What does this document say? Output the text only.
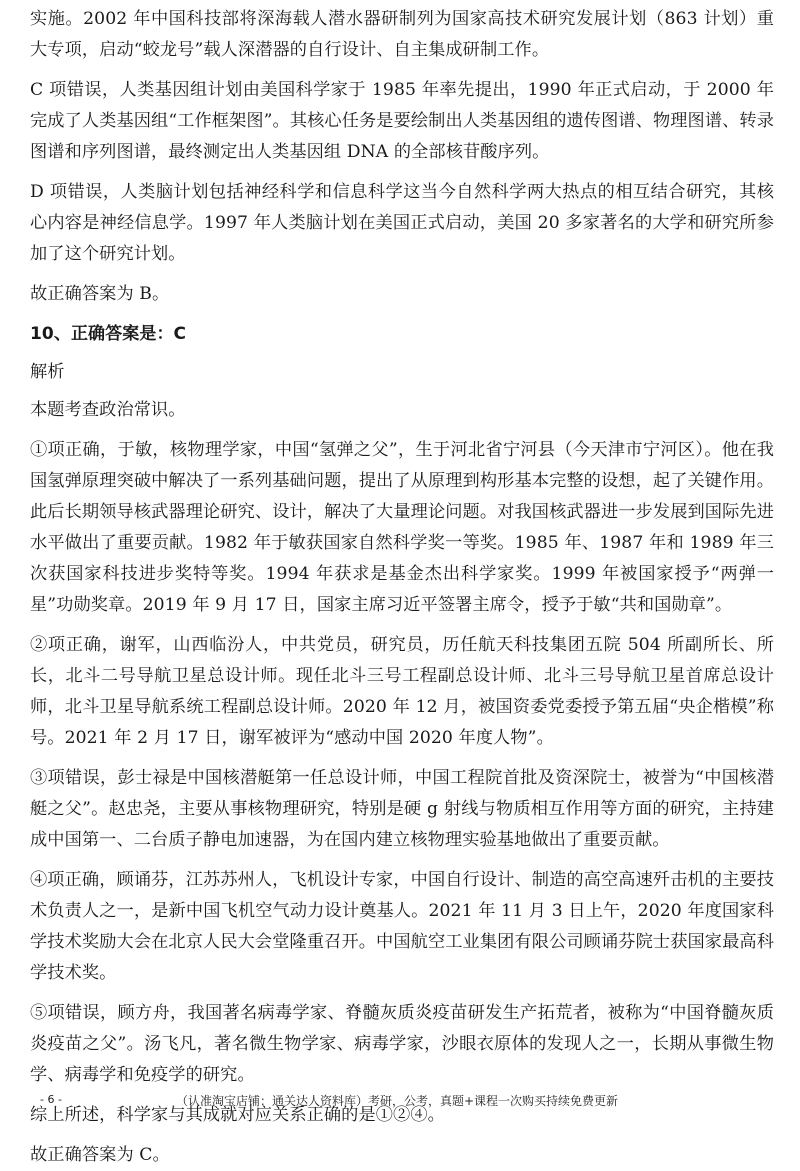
实施。2002 年中国科技部将深海载人潜水器研制列为国家高技术研究发展计划（863 计划）重大专项，启动“蛟龙号”载人深潜器的自行设计、自主集成研制工作。

C 项错误，人类基因组计划由美国科学家于 1985 年率先提出，1990 年正式启动，于 2000 年完成了人类基因组“工作框架图”。其核心任务是要绘制出人类基因组的遗传图谱、物理图谱、转录图谱和序列图谱，最终测定出人类基因组 DNA 的全部核苷酸序列。

D 项错误，人类脑计划包括神经科学和信息科学这当今自然科学两大热点的相互结合研究，其核心内容是神经信息学。1997 年人类脑计划在美国正式启动，美国 20 多家著名的大学和研究所参加了这个研究计划。

故正确答案为 B。

10、正确答案是：C

解析

本题考查政治常识。

①项正确，于敏，核物理学家，中国“氢弹之父”，生于河北省宁河县（今天津市宁河区）。他在我国氢弹原理突破中解决了一系列基础问题，提出了从原理到构形基本完整的设想，起了关键作用。此后长期领导核武器理论研究、设计，解决了大量理论问题。对我国核武器进一步发展到国际先进水平做出了重要贡献。1982 年于敏获国家自然科学奖一等奖。1985 年、1987 年和 1989 年三次获国家科技进步奖特等奖。1994 年获求是基金杰出科学家奖。1999 年被国家授予“两弹一星”功勋奖章。2019 年 9 月 17 日，国家主席习近平签署主席令，授予于敏“共和国勋章”。

②项正确，谢军，山西临汾人，中共党员，研究员，历任航天科技集团五院 504 所副所长、所长，北斗二号导航卫星总设计师。现任北斗三号工程副总设计师、北斗三号导航卫星首席总设计师，北斗卫星导航系统工程副总设计师。2020 年 12 月，被国资委党委授予第五届“央企楷模”称号。2021 年 2 月 17 日，谢军被评为“感动中国 2020 年度人物”。

③项错误，彭士禄是中国核潜艇第一任总设计师，中国工程院首批及资深院士，被誉为“中国核潜艇之父”。赵忠尧，主要从事核物理研究，特别是硬 g 射线与物质相互作用等方面的研究，主持建成中国第一、二台质子静电加速器，为在国内建立核物理实验基地做出了重要贡献。

④项正确，顾诵芬，江苏苏州人，飞机设计专家，中国自行设计、制造的高空高速歼击机的主要技术负责人之一，是新中国飞机空气动力设计奠基人。2021 年 11 月 3 日上午，2020 年度国家科学技术奖励大会在北京人民大会堂隆重召开。中国航空工业集团有限公司顾诵芬院士获国家最高科学技术奖。

⑤项错误，顾方舟，我国著名病毒学家、脊髓灰质炎疫苗研发生产拓荒者，被称为“中国脊髓灰质炎疫苗之父”。汤飞凡，著名微生物学家、病毒学家，沙眼衣原体的发现人之一，长期从事微生物学、病毒学和免疫学的研究。

综上所述，科学家与其成就对应关系正确的是①②④。

故正确答案为 C。

- 6 -	（认准淘宝店铺：通关达人资料库）考研，公考，真题+课程一次购买持续免费更新
